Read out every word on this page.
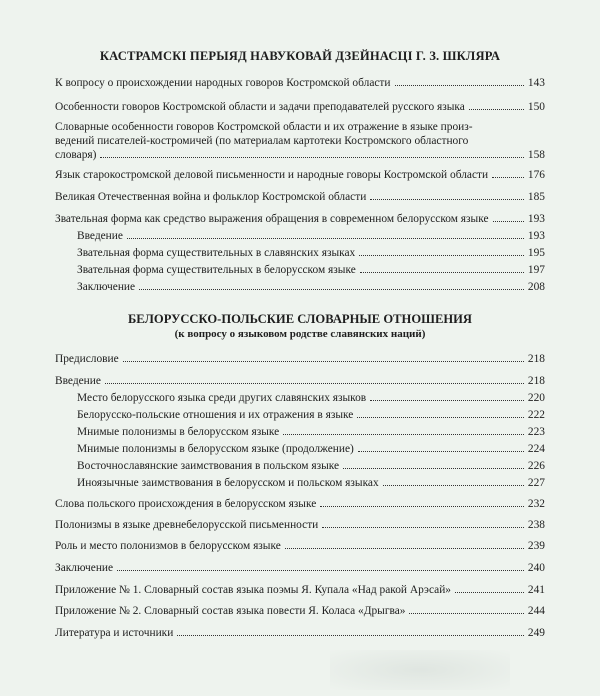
КАСТРАМСКІ ПЕРЫЯД НАВУКОВАЙ ДЗЕЙНАСЦІ Г. З. ШКЛЯРА
К вопросу о происхождении народных говоров Костромской области	143
Особенности говоров Костромской области и задачи преподавателей русского языка	150
Словарные особенности говоров Костромской области и их отражение в языке произ-
ведений писателей-костромичей (по материалам картотеки Костромского областного
словаря)	158
Язык старокостромской деловой письменности и народные говоры Костромской области	176
Великая Отечественная война и фольклор Костромской области	185
Звательная форма как средство выражения обращения в современном белорусском языке	193
Введение	193
Звательная форма существительных в славянских языках	195
Звательная форма существительных в белорусском языке	197
Заключение	208
БЕЛОРУССКО-ПОЛЬСКИЕ СЛОВАРНЫЕ ОТНОШЕНИЯ
(к вопросу о языковом родстве славянских наций)
Предисловие	218
Введение	218
Место белорусского языка среди других славянских языков	220
Белорусско-польские отношения и их отражения в языке	222
Мнимые полонизмы в белорусском языке	223
Мнимые полонизмы в белорусском языке (продолжение)	224
Восточнославянские заимствования в польском языке	226
Иноязычные заимствования в белорусском и польском языках	227
Слова польского происхождения в белорусском языке	232
Полонизмы в языке древнебелорусской письменности	238
Роль и место полонизмов в белорусском языке	239
Заключение	240
Приложение № 1. Словарный состав языка поэмы Я. Купала «Над ракой Арэсай»	241
Приложение № 2. Словарный состав языка повести Я. Коласа «Дрыгва»	244
Литература и источники	249
